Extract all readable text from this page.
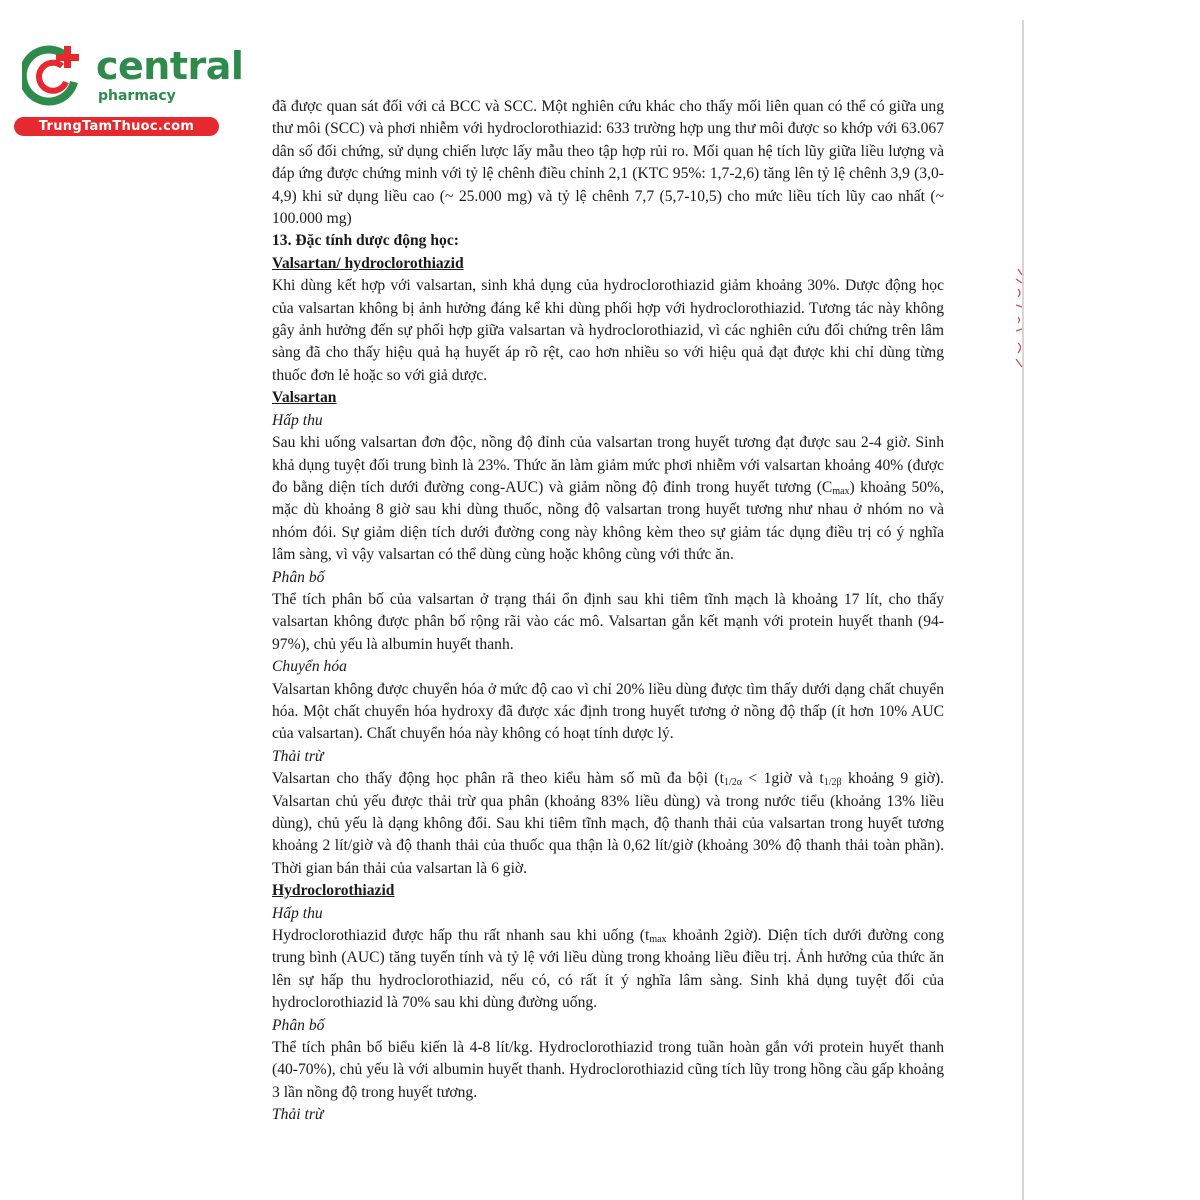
central
pharmacy
TrungTamThuoc.com

đã được quan sát đối với cả BCC và SCC. Một nghiên cứu khác cho thấy mối liên quan có thể có giữa ung thư môi (SCC) và phơi nhiễm với hydroclorothiazid: 633 trường hợp ung thư môi được so khớp với 63.067 dân số đối chứng, sử dụng chiến lược lấy mẫu theo tập hợp rủi ro. Mối quan hệ tích lũy giữa liều lượng và đáp ứng được chứng minh với tỷ lệ chênh điều chỉnh 2,1 (KTC 95%: 1,7-2,6) tăng lên tỷ lệ chênh 3,9 (3,0-4,9) khi sử dụng liều cao (~ 25.000 mg) và tỷ lệ chênh 7,7 (5,7-10,5) cho mức liều tích lũy cao nhất (~ 100.000 mg)

13. Đặc tính dược động học:

Valsartan/ hydroclorothiazid

Khi dùng kết hợp với valsartan, sinh khả dụng của hydroclorothiazid giảm khoảng 30%. Dược động học của valsartan không bị ảnh hưởng đáng kể khi dùng phối hợp với hydroclorothiazid. Tương tác này không gây ảnh hưởng đến sự phối hợp giữa valsartan và hydroclorothiazid, vì các nghiên cứu đối chứng trên lâm sàng đã cho thấy hiệu quả hạ huyết áp rõ rệt, cao hơn nhiều so với hiệu quả đạt được khi chỉ dùng từng thuốc đơn lẻ hoặc so với giả dược.

Valsartan

Hấp thu

Sau khi uống valsartan đơn độc, nồng độ đỉnh của valsartan trong huyết tương đạt được sau 2-4 giờ. Sinh khả dụng tuyệt đối trung bình là 23%. Thức ăn làm giảm mức phơi nhiễm với valsartan khoảng 40% (được đo bằng diện tích dưới đường cong-AUC) và giảm nồng độ đỉnh trong huyết tương $(C_{max})$ khoảng 50%, mặc dù khoảng 8 giờ sau khi dùng thuốc, nồng độ valsartan trong huyết tương như nhau ở nhóm no và nhóm đói. Sự giảm diện tích dưới đường cong này không kèm theo sự giảm tác dụng điều trị có ý nghĩa lâm sàng, vì vậy valsartan có thể dùng cùng hoặc không cùng với thức ăn.

Phân bố

Thể tích phân bố của valsartan ở trạng thái ổn định sau khi tiêm tĩnh mạch là khoảng 17 lít, cho thấy valsartan không được phân bố rộng rãi vào các mô. Valsartan gắn kết mạnh với protein huyết thanh (94-97%), chủ yếu là albumin huyết thanh.

Chuyển hóa

Valsartan không được chuyển hóa ở mức độ cao vì chỉ 20% liều dùng được tìm thấy dưới dạng chất chuyển hóa. Một chất chuyển hóa hydroxy đã được xác định trong huyết tương ở nồng độ thấp (ít hơn 10% AUC của valsartan). Chất chuyển hóa này không có hoạt tính dược lý.

Thải trừ

Valsartan cho thấy động học phân rã theo kiểu hàm số mũ đa bội ($t_{1/2\alpha}$ < 1giờ và $t_{1/2\beta}$ khoảng 9 giờ). Valsartan chủ yếu được thải trừ qua phân (khoảng 83% liều dùng) và trong nước tiểu (khoảng 13% liều dùng), chủ yếu là dạng không đổi. Sau khi tiêm tĩnh mạch, độ thanh thải của valsartan trong huyết tương khoảng 2 lít/giờ và độ thanh thải của thuốc qua thận là 0,62 lít/giờ (khoảng 30% độ thanh thải toàn phần). Thời gian bán thải của valsartan là 6 giờ.

Hydroclorothiazid

Hấp thu

Hydroclorothiazid được hấp thu rất nhanh sau khi uống ($t_{max}$ khoảnh 2giờ). Diện tích dưới đường cong trung bình (AUC) tăng tuyến tính và tỷ lệ với liều dùng trong khoảng liều điều trị. Ảnh hưởng của thức ăn lên sự hấp thu hydroclorothiazid, nếu có, có rất ít ý nghĩa lâm sàng. Sinh khả dụng tuyệt đối của hydroclorothiazid là 70% sau khi dùng đường uống.

Phân bố

Thể tích phân bố biểu kiến là 4-8 lít/kg. Hydroclorothiazid trong tuần hoàn gắn với protein huyết thanh (40-70%), chủ yếu là với albumin huyết thanh. Hydroclorothiazid cũng tích lũy trong hồng cầu gấp khoảng 3 lần nồng độ trong huyết tương.

Thải trừ
